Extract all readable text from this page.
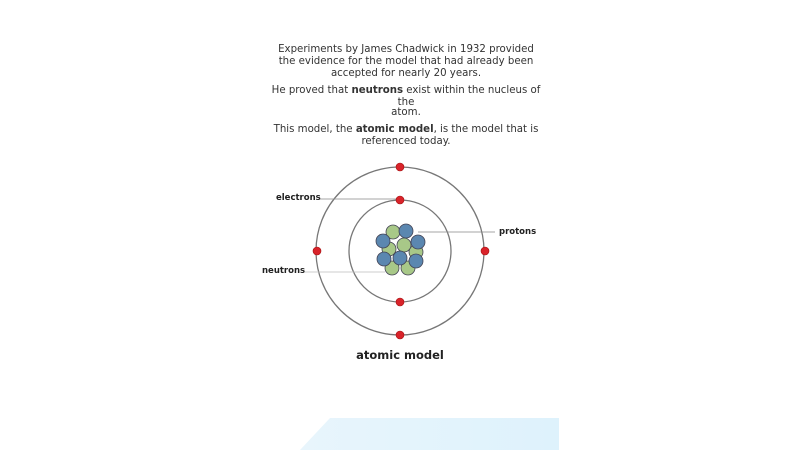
Experiments by James Chadwick in 1932 provided the evidence for the model that had already been accepted for nearly 20 years.
He proved that neutrons exist within the nucleus of the
atom.
This model, the atomic model, is the model that is referenced today.
electrons
protons
neutrons
atomic model
